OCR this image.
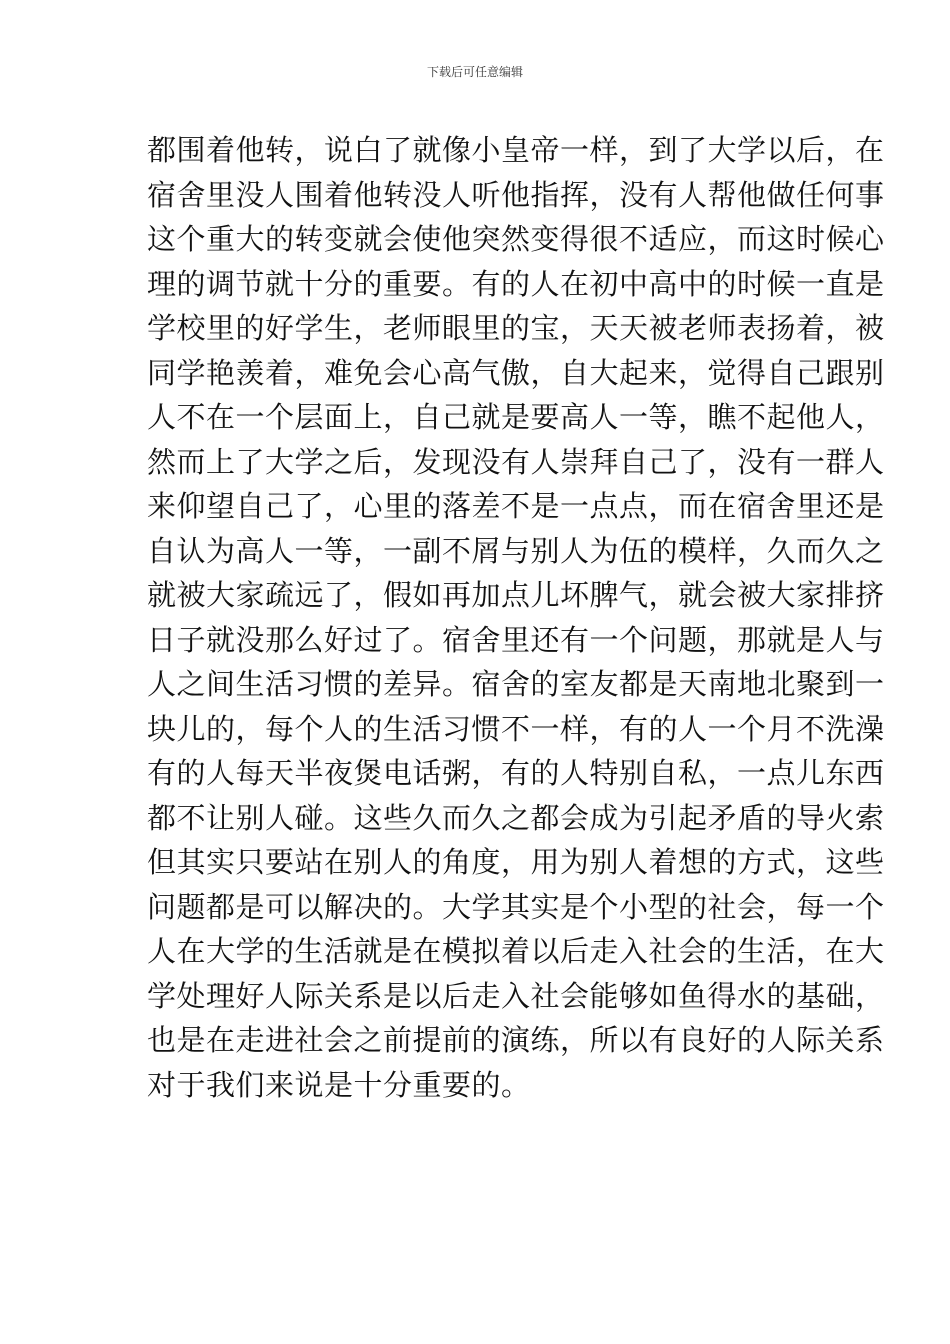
下载后可任意编辑
都围着他转，说白了就像小皇帝一样，到了大学以后，在
宿舍里没人围着他转没人听他指挥，没有人帮他做任何事
这个重大的转变就会使他突然变得很不适应，而这时候心
理的调节就十分的重要。有的人在初中高中的时候一直是
学校里的好学生，老师眼里的宝，天天被老师表扬着，被
同学艳羡着，难免会心高气傲，自大起来，觉得自己跟别
人不在一个层面上，自己就是要高人一等，瞧不起他人，
然而上了大学之后，发现没有人崇拜自己了，没有一群人
来仰望自己了，心里的落差不是一点点，而在宿舍里还是
自认为高人一等，一副不屑与别人为伍的模样，久而久之
就被大家疏远了，假如再加点儿坏脾气，就会被大家排挤
日子就没那么好过了。宿舍里还有一个问题，那就是人与
人之间生活习惯的差异。宿舍的室友都是天南地北聚到一
块儿的，每个人的生活习惯不一样，有的人一个月不洗澡
有的人每天半夜煲电话粥，有的人特别自私，一点儿东西
都不让别人碰。这些久而久之都会成为引起矛盾的导火索
但其实只要站在别人的角度，用为别人着想的方式，这些
问题都是可以解决的。大学其实是个小型的社会，每一个
人在大学的生活就是在模拟着以后走入社会的生活，在大
学处理好人际关系是以后走入社会能够如鱼得水的基础，
也是在走进社会之前提前的演练，所以有良好的人际关系
对于我们来说是十分重要的。
